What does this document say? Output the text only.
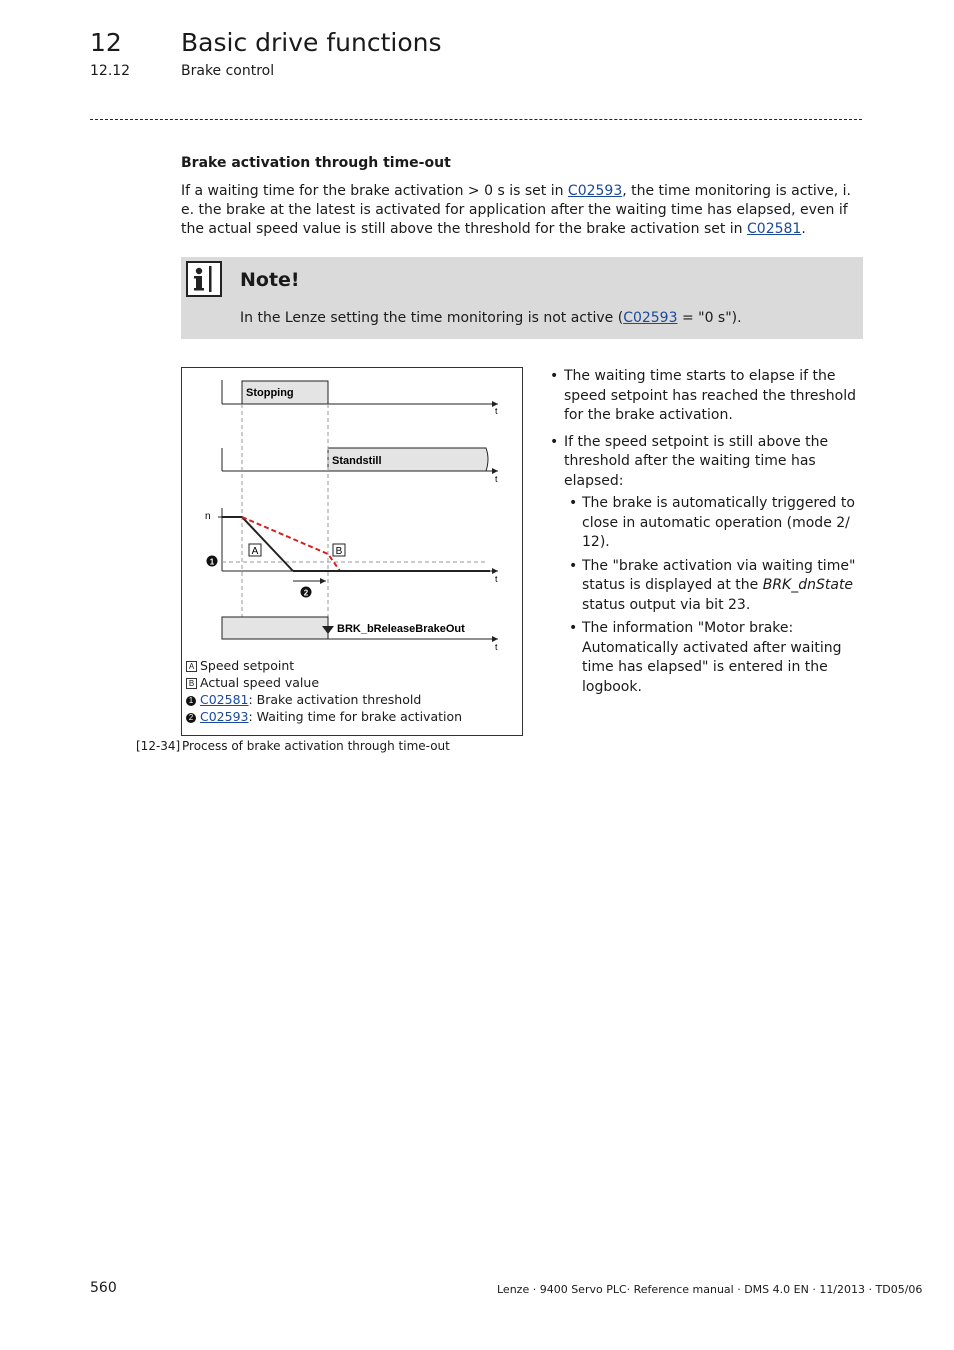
12 Basic drive functions
12.12	Brake control
Brake activation through time-out
If a waiting time for the brake activation > 0 s is set in C02593, the time monitoring is active, i. e. the brake at the latest is activated for application after the waiting time has elapsed, even if the actual speed value is still above the threshold for the brake activation set in C02581.
Note!
In the Lenze setting the time monitoring is not active (C02593 = "0 s").
Stopping
t
Standstill
t
n
A	B
1
2
t
BRK_bReleaseBrakeOut
t
A Speed setpoint
B Actual speed value
1 C02581: Brake activation threshold
2 C02593: Waiting time for brake activation
[12-34] Process of brake activation through time-out
• The waiting time starts to elapse if the speed setpoint has reached the threshold for the brake activation.
• If the speed setpoint is still above the threshold after the waiting time has elapsed:
• The brake is automatically triggered to close in automatic operation (mode 2/ 12).
• The "brake activation via waiting time" status is displayed at the BRK_dnState status output via bit 23.
• The information "Motor brake: Automatically activated after waiting time has elapsed" is entered in the logbook.
560	Lenze · 9400 Servo PLC· Reference manual · DMS 4.0 EN · 11/2013 · TD05/06
